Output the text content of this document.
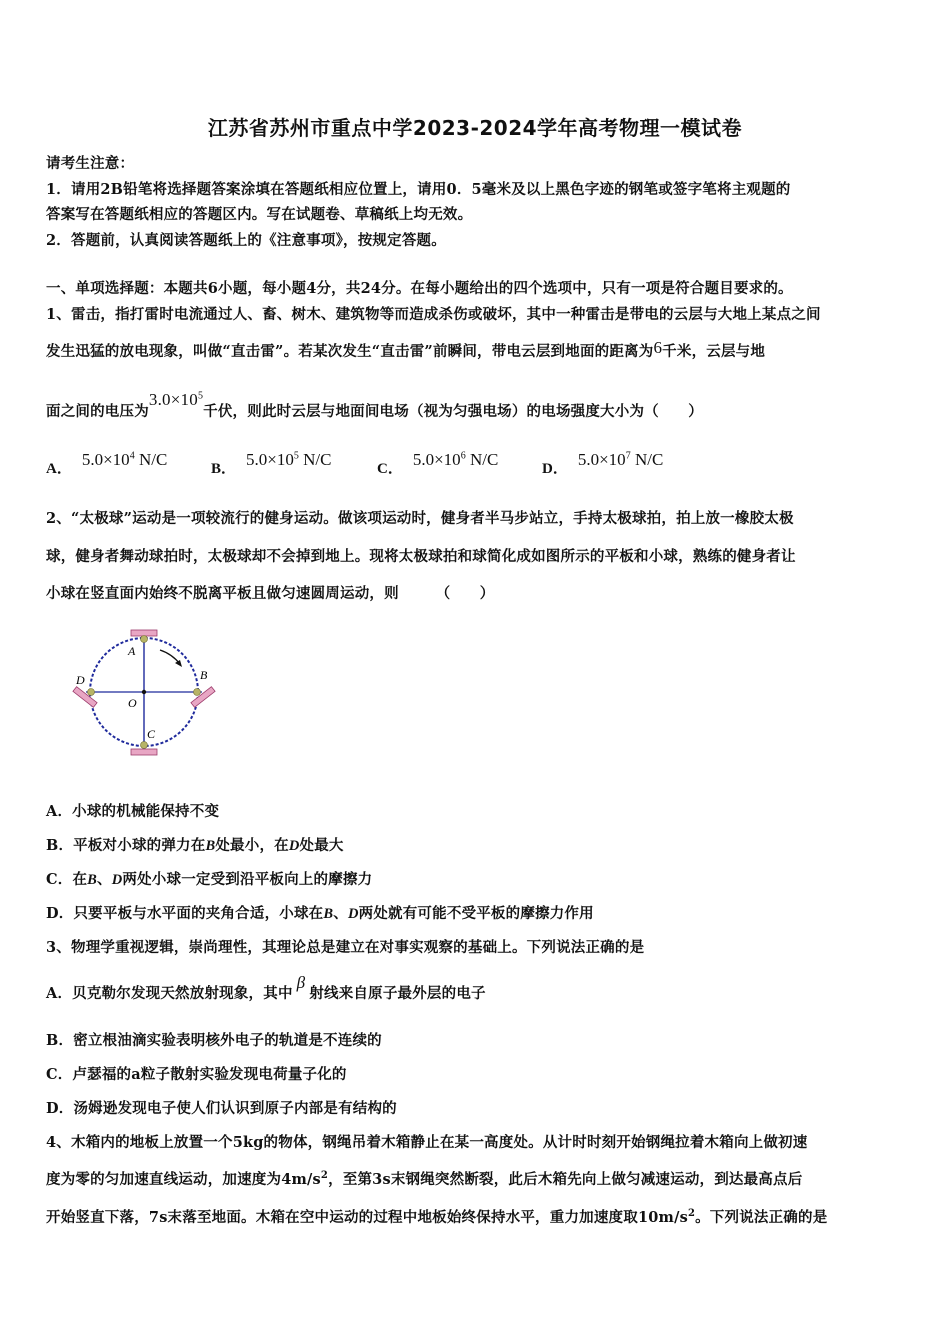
江苏省苏州市重点中学2023-2024学年高考物理一模试卷
请考生注意：
1．请用2B铅笔将选择题答案涂填在答题纸相应位置上，请用0．5毫米及以上黑色字迹的钢笔或签字笔将主观题的
答案写在答题纸相应的答题区内。写在试题卷、草稿纸上均无效。
2．答题前，认真阅读答题纸上的《注意事项》，按规定答题。
一、单项选择题：本题共6小题，每小题4分，共24分。在每小题给出的四个选项中，只有一项是符合题目要求的。
1、雷击，指打雷时电流通过人、畜、树木、建筑物等而造成杀伤或破坏，其中一种雷击是带电的云层与大地上某点之间
发生迅猛的放电现象，叫做“直击雷”。若某次发生“直击雷”前瞬间，带电云层到地面的距离为6千米，云层与地
面之间的电压为$3.0\times 10^5$千伏，则此时云层与地面间电场（视为匀强电场）的电场强度大小为（　　）
A． $5.0\times 10^4$ N/C	B． $5.0\times 10^5$ N/C	C． $5.0\times 10^6$ N/C	D． $5.0\times 10^7$ N/C
2、“太极球”运动是一项较流行的健身运动。做该项运动时，健身者半马步站立，手持太极球拍，拍上放一橡胶太极
球，健身者舞动球拍时，太极球却不会掉到地上。现将太极球拍和球简化成如图所示的平板和小球，熟练的健身者让
小球在竖直面内始终不脱离平板且做匀速圆周运动，则　　　（　　）
A
B
C
D
O
A．小球的机械能保持不变
B．平板对小球的弹力在B处最小，在D处最大
C．在B、D两处小球一定受到沿平板向上的摩擦力
D．只要平板与水平面的夹角合适，小球在B、D两处就有可能不受平板的摩擦力作用
3、物理学重视逻辑，崇尚理性，其理论总是建立在对事实观察的基础上。下列说法正确的是
A．贝克勒尔发现天然放射现象，其中β射线来自原子最外层的电子
B．密立根油滴实验表明核外电子的轨道是不连续的
C．卢瑟福的a粒子散射实验发现电荷量子化的
D．汤姆逊发现电子使人们认识到原子内部是有结构的
4、木箱内的地板上放置一个5kg的物体，钢绳吊着木箱静止在某一高度处。从计时时刻开始钢绳拉着木箱向上做初速
度为零的匀加速直线运动，加速度为$4m/s^2$，至第3s末钢绳突然断裂，此后木箱先向上做匀减速运动，到达最高点后
开始竖直下落，7s末落至地面。木箱在空中运动的过程中地板始终保持水平，重力加速度取$10m/s^2$。下列说法正确的是
